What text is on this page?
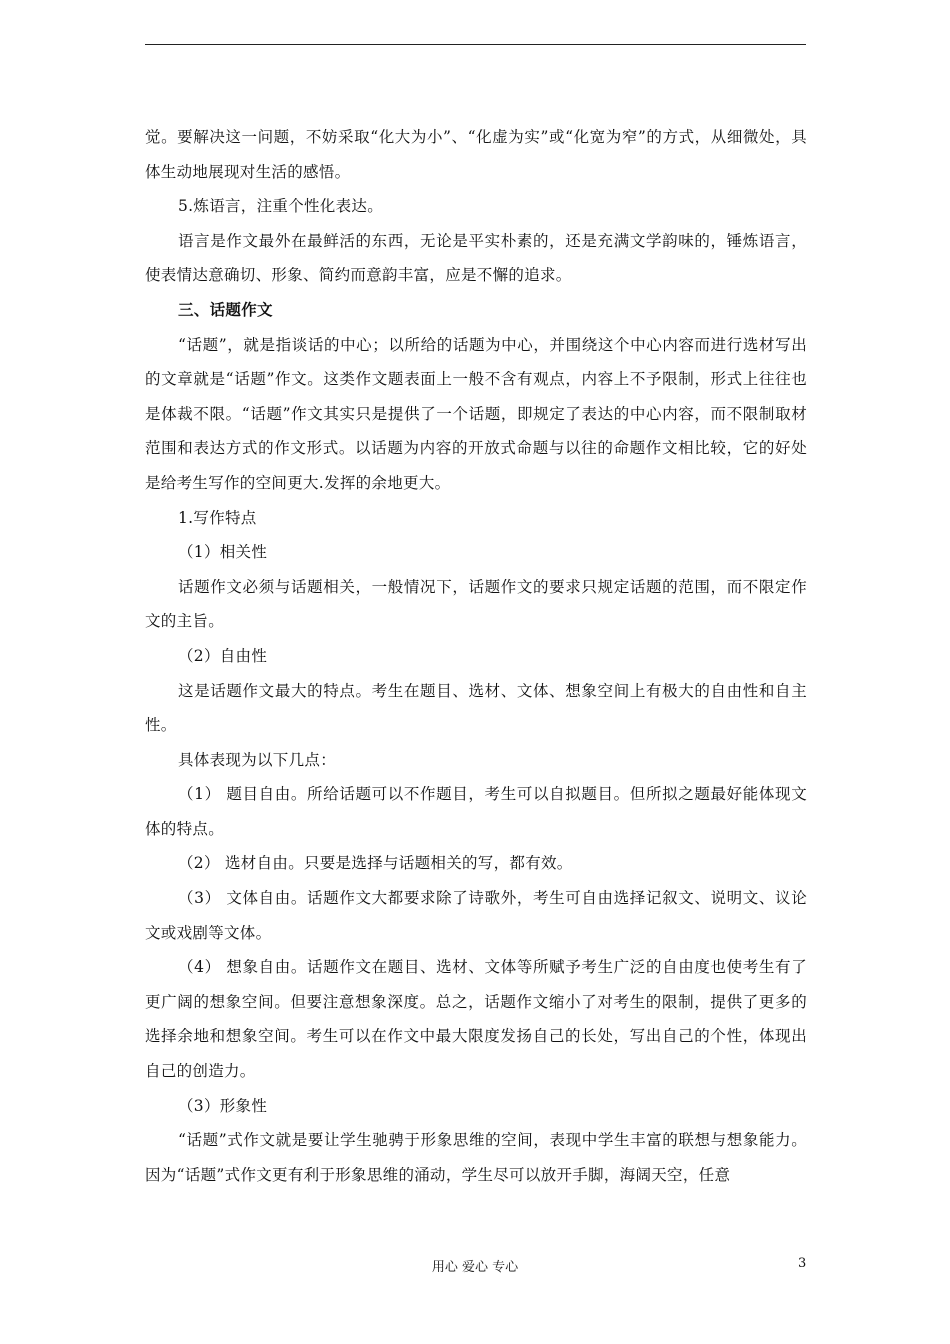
觉。要解决这一问题，不妨采取“化大为小”、“化虚为实”或“化宽为窄”的方式，从细微处，具体生动地展现对生活的感悟。

5.炼语言，注重个性化表达。

语言是作文最外在最鲜活的东西，无论是平实朴素的，还是充满文学韵味的，锤炼语言，使表情达意确切、形象、简约而意韵丰富，应是不懈的追求。

三、话题作文

“话题”，就是指谈话的中心；以所给的话题为中心，并围绕这个中心内容而进行选材写出的文章就是“话题”作文。这类作文题表面上一般不含有观点，内容上不予限制，形式上往往也是体裁不限。“话题”作文其实只是提供了一个话题，即规定了表达的中心内容，而不限制取材范围和表达方式的作文形式。以话题为内容的开放式命题与以往的命题作文相比较，它的好处是给考生写作的空间更大.发挥的余地更大。

1.写作特点

（1）相关性

话题作文必须与话题相关，一般情况下，话题作文的要求只规定话题的范围，而不限定作文的主旨。

（2）自由性

这是话题作文最大的特点。考生在题目、选材、文体、想象空间上有极大的自由性和自主性。

具体表现为以下几点：

（1） 题目自由。所给话题可以不作题目，考生可以自拟题目。但所拟之题最好能体现文体的特点。

（2） 选材自由。只要是选择与话题相关的写，都有效。

（3） 文体自由。话题作文大都要求除了诗歌外，考生可自由选择记叙文、说明文、议论文或戏剧等文体。

（4） 想象自由。话题作文在题目、选材、文体等所赋予考生广泛的自由度也使考生有了更广阔的想象空间。但要注意想象深度。总之，话题作文缩小了对考生的限制，提供了更多的选择余地和想象空间。考生可以在作文中最大限度发扬自己的长处，写出自己的个性，体现出自己的创造力。

（3）形象性

“话题”式作文就是要让学生驰骋于形象思维的空间，表现中学生丰富的联想与想象能力。因为“话题”式作文更有利于形象思维的涌动，学生尽可以放开手脚，海阔天空，任意

用心 爱心 专心	3
